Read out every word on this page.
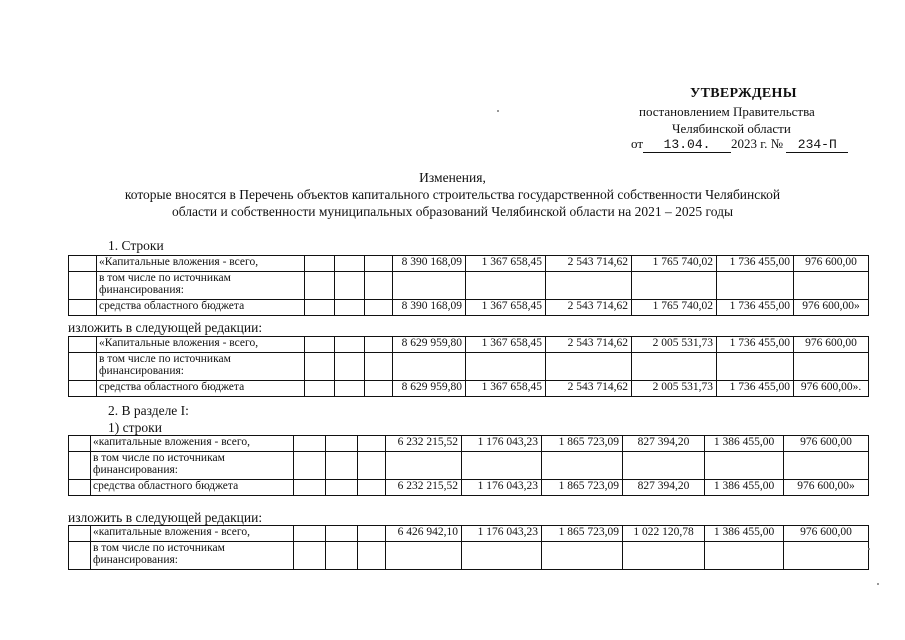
УТВЕРЖДЕНЫ
постановлением Правительства
Челябинской области
от 13.04. 2023 г. № 234-П
Изменения,
которые вносятся в Перечень объектов капитального строительства государственной собственности Челябинской
области и собственности муниципальных образований Челябинской области на 2021 – 2025 годы
1. Строки
изложить в следующей редакции:
2. В разделе I:
1) строки
изложить в следующей редакции:
	«Капитальные вложения - всего,				8 390 168,09	1 367 658,45	2 543 714,62	1 765 740,02	1 736 455,00	976 600,00
	в том числе по источникам финансирования:									
	средства областного бюджета				8 390 168,09	1 367 658,45	2 543 714,62	1 765 740,02	1 736 455,00	976 600,00»
	«Капитальные вложения - всего,				8 629 959,80	1 367 658,45	2 543 714,62	2 005 531,73	1 736 455,00	976 600,00
	в том числе по источникам финансирования:									
	средства областного бюджета				8 629 959,80	1 367 658,45	2 543 714,62	2 005 531,73	1 736 455,00	976 600,00».
	«капитальные вложения - всего,				6 232 215,52	1 176 043,23	1 865 723,09	827 394,20	1 386 455,00	976 600,00
	в том числе по источникам финансирования:									
	средства областного бюджета				6 232 215,52	1 176 043,23	1 865 723,09	827 394,20	1 386 455,00	976 600,00»
	«капитальные вложения - всего,				6 426 942,10	1 176 043,23	1 865 723,09	1 022 120,78	1 386 455,00	976 600,00
	в том числе по источникам финансирования:									
